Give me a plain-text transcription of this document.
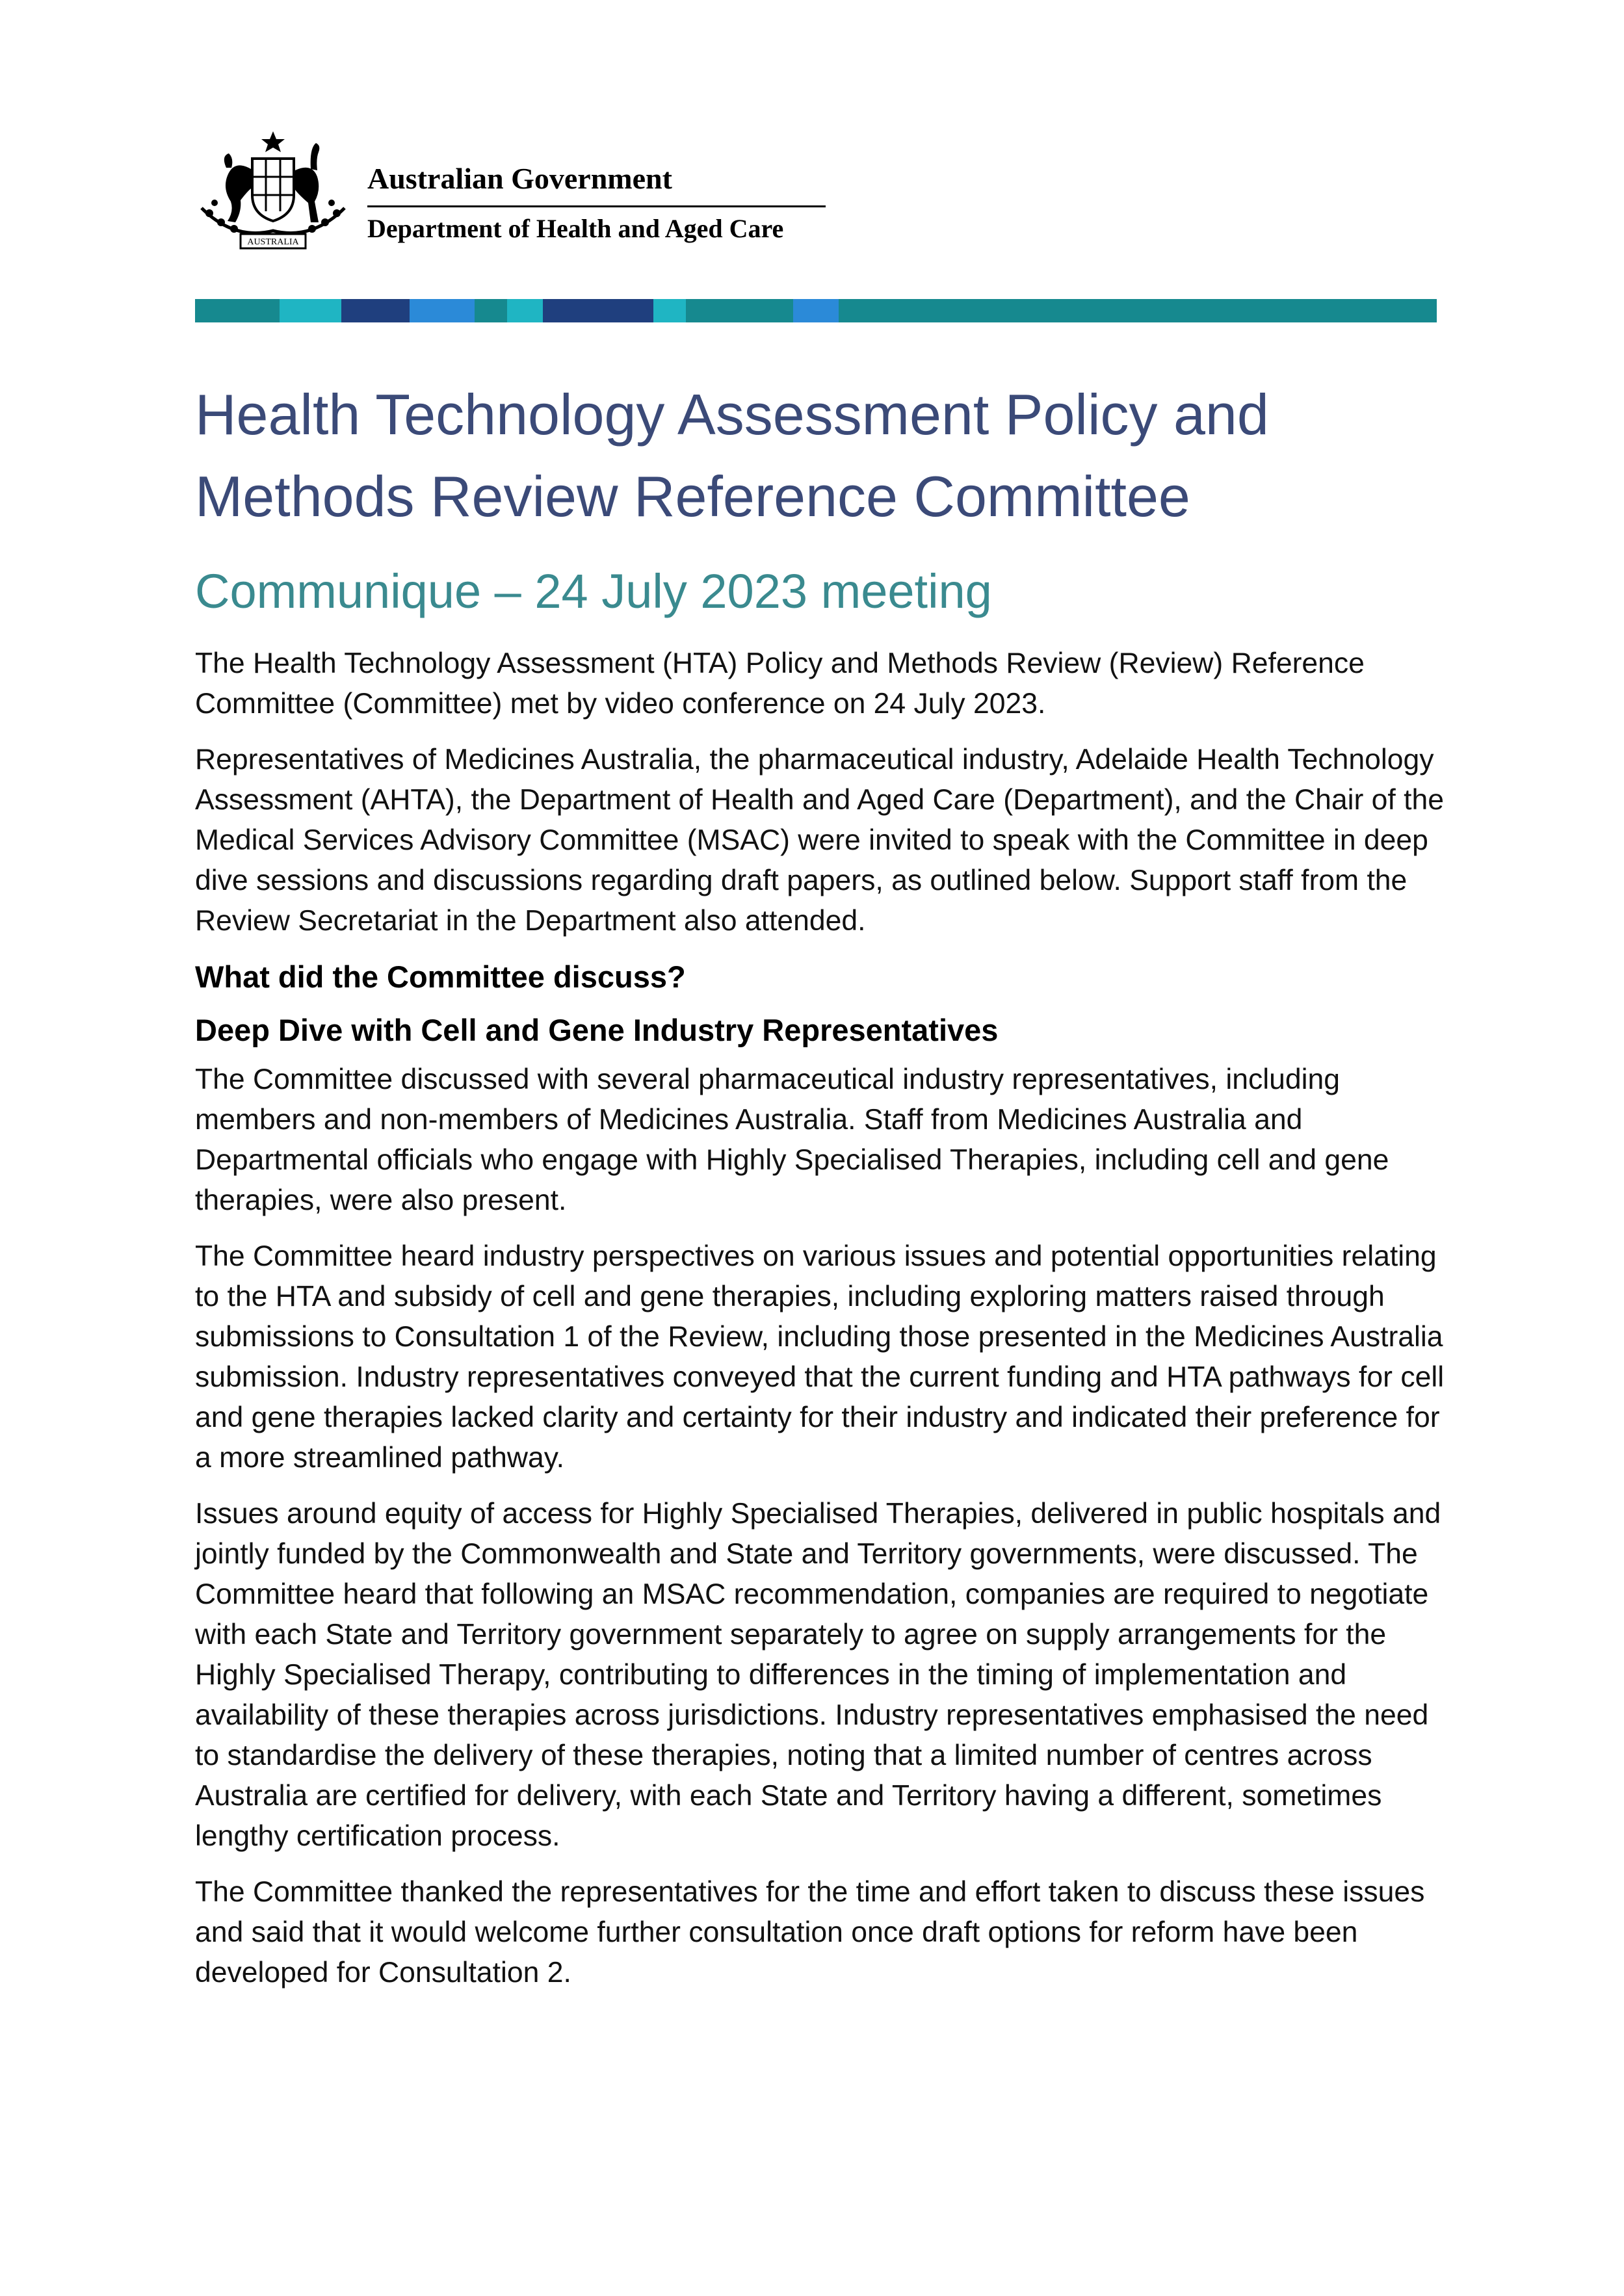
AUSTRALIA
Australian Government
Department of Health and Aged Care
Health Technology Assessment Policy and Methods Review Reference Committee
Communique – 24 July 2023 meeting

The Health Technology Assessment (HTA) Policy and Methods Review (Review) Reference Committee (Committee) met by video conference on 24 July 2023.

Representatives of Medicines Australia, the pharmaceutical industry, Adelaide Health Technology Assessment (AHTA), the Department of Health and Aged Care (Department), and the Chair of the Medical Services Advisory Committee (MSAC) were invited to speak with the Committee in deep dive sessions and discussions regarding draft papers, as outlined below. Support staff from the Review Secretariat in the Department also attended.

What did the Committee discuss?
Deep Dive with Cell and Gene Industry Representatives

The Committee discussed with several pharmaceutical industry representatives, including members and non-members of Medicines Australia. Staff from Medicines Australia and Departmental officials who engage with Highly Specialised Therapies, including cell and gene therapies, were also present.

The Committee heard industry perspectives on various issues and potential opportunities relating to the HTA and subsidy of cell and gene therapies, including exploring matters raised through submissions to Consultation 1 of the Review, including those presented in the Medicines Australia submission. Industry representatives conveyed that the current funding and HTA pathways for cell and gene therapies lacked clarity and certainty for their industry and indicated their preference for a more streamlined pathway.

Issues around equity of access for Highly Specialised Therapies, delivered in public hospitals and jointly funded by the Commonwealth and State and Territory governments, were discussed. The Committee heard that following an MSAC recommendation, companies are required to negotiate with each State and Territory government separately to agree on supply arrangements for the Highly Specialised Therapy, contributing to differences in the timing of implementation and availability of these therapies across jurisdictions. Industry representatives emphasised the need to standardise the delivery of these therapies, noting that a limited number of centres across Australia are certified for delivery, with each State and Territory having a different, sometimes lengthy certification process.

The Committee thanked the representatives for the time and effort taken to discuss these issues and said that it would welcome further consultation once draft options for reform have been developed for Consultation 2.
